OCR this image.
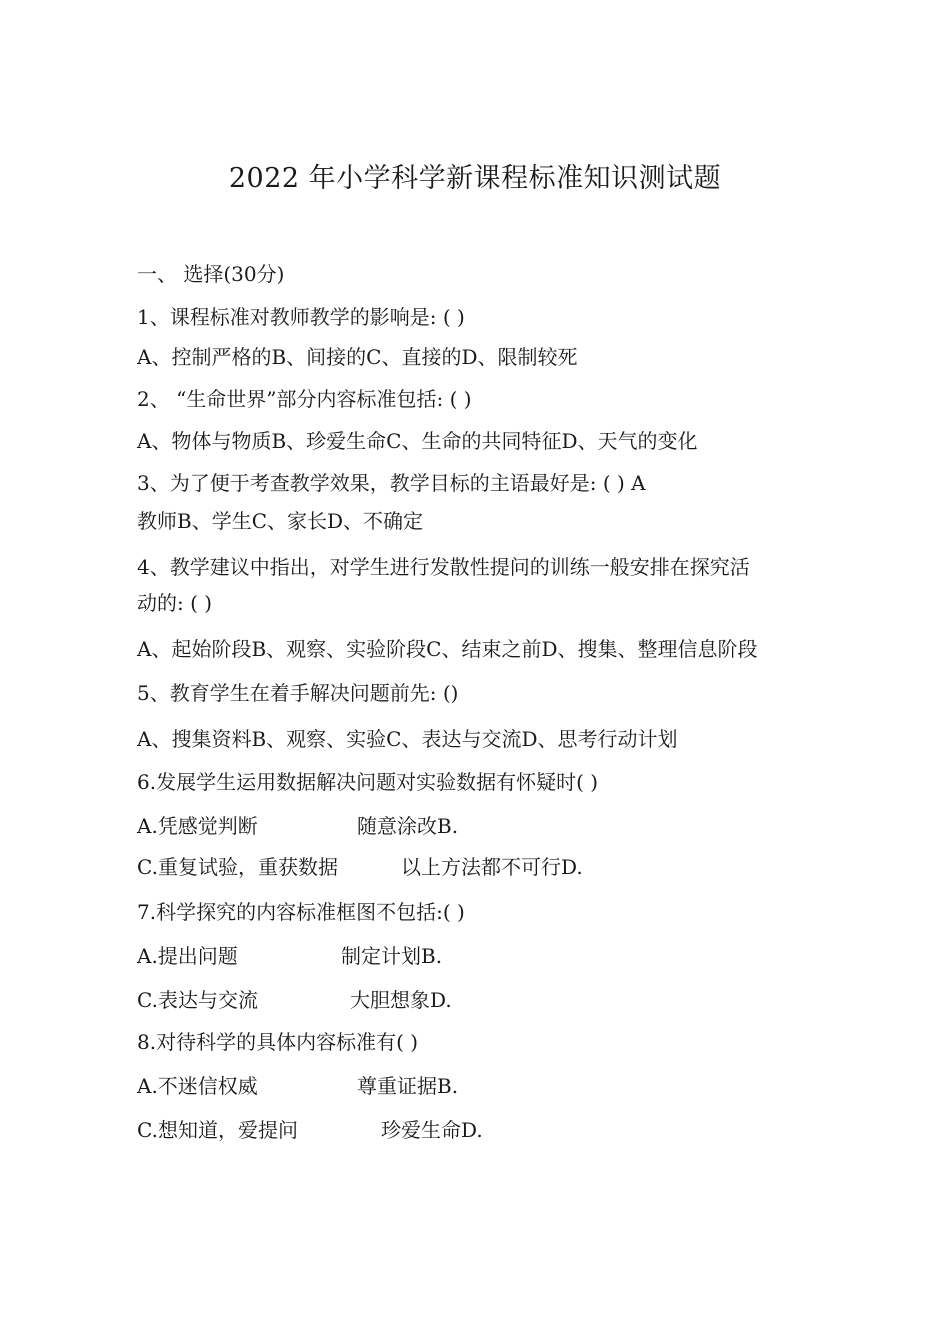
2022 年小学科学新课程标准知识测试题
一、 选择(30分)
1、课程标准对教师教学的影响是: ( )
A、控制严格的B、间接的C、直接的D、限制较死
2、 “生命世界”部分内容标准包括: ( )
A、物体与物质B、珍爱生命C、生命的共同特征D、天气的变化
3、为了便于考查教学效果，教学目标的主语最好是: ( ) A
教师B、学生C、家长D、不确定
4、教学建议中指出，对学生进行发散性提问的训练一般安排在探究活
动的: ( )
A、起始阶段B、观察、实验阶段C、结束之前D、搜集、整理信息阶段
5、教育学生在着手解决问题前先: ()
A、搜集资料B、观察、实验C、表达与交流D、思考行动计划
6.发展学生运用数据解决问题对实验数据有怀疑时( )
A.凭感觉判断	随意涂改B.
C.重复试验，重获数据	以上方法都不可行D.
7.科学探究的内容标准框图不包括:( )
A.提出问题	制定计划B.
C.表达与交流	大胆想象D.
8.对待科学的具体内容标准有( )
A.不迷信权威	尊重证据B.
C.想知道，爱提问	珍爱生命D.
